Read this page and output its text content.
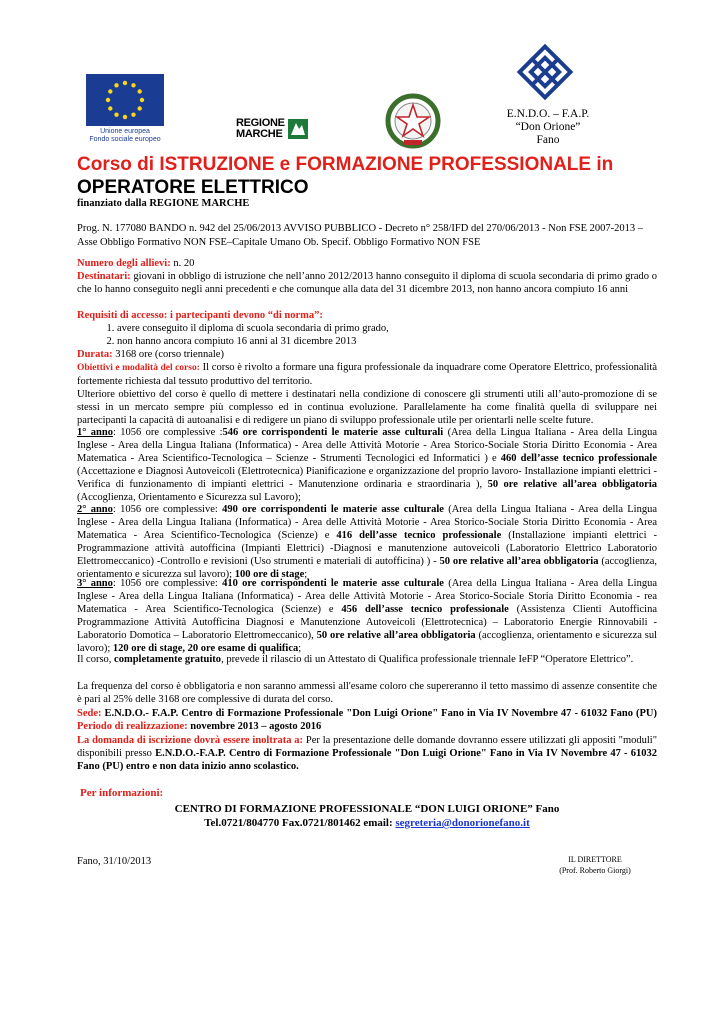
Unione europea
Fondo sociale europeo
REGIONE
MARCHE
E.N.D.O. – F.A.P.
“Don Orione”
Fano
Corso di ISTRUZIONE e FORMAZIONE PROFESSIONALE in
OPERATORE ELETTRICO
finanziato dalla REGIONE MARCHE
Prog. N. 177080 BANDO n. 942 del 25/06/2013 AVVISO PUBBLICO - Decreto n° 258/IFD del 270/06/2013 - Non FSE 2007-2013 – Asse Obbligo Formativo NON FSE–Capitale Umano Ob. Specif. Obbligo Formativo NON FSE
Numero degli allievi: n. 20
Destinatari: giovani in obbligo di istruzione che nell’anno 2012/2013 hanno conseguito il diploma di scuola secondaria di primo grado o che lo hanno conseguito negli anni precedenti e che comunque alla data del 31 dicembre 2013, non hanno ancora compiuto 16 anni
Requisiti di accesso: i partecipanti devono “di norma”:
1. avere conseguito il diploma di scuola secondaria di primo grado,
2. non hanno ancora compiuto 16 anni al 31 dicembre 2013
Durata: 3168 ore (corso triennale)
Obiettivi e modalità del corso: Il corso è rivolto a formare una figura professionale da inquadrare come Operatore Elettrico, professionalità fortemente richiesta dal tessuto produttivo del territorio.
Ulteriore obiettivo del corso è quello di mettere i destinatari nella condizione di conoscere gli strumenti utili all’auto-promozione di se stessi in un mercato sempre più complesso ed in continua evoluzione. Parallelamente ha come finalità quella di sviluppare nei partecipanti la capacità di autoanalisi e di redigere un piano di sviluppo professionale utile per orientarli nelle scelte future.
1° anno: 1056 ore complessive :546 ore corrispondenti le materie asse culturali (Area della Lingua Italiana - Area della Lingua Inglese - Area della Lingua Italiana (Informatica) - Area delle Attività Motorie - Area Storico-Sociale Storia Diritto Economia - Area Matematica - Area Scientifico-Tecnologica – Scienze - Strumenti Tecnologici ed Informatici ) e 460 dell’asse tecnico professionale (Accettazione e Diagnosi Autoveicoli (Elettrotecnica) Pianificazione e organizzazione del proprio lavoro- Installazione impianti elettrici - Verifica di funzionamento di impianti elettrici - Manutenzione ordinaria e straordinaria ), 50 ore relative all’area obbligatoria (Accoglienza, Orientamento e Sicurezza sul Lavoro);
2° anno: 1056 ore complessive: 490 ore corrispondenti le materie asse culturale (Area della Lingua Italiana - Area della Lingua Inglese - Area della Lingua Italiana (Informatica) - Area delle Attività Motorie - Area Storico-Sociale Storia Diritto Economia - Area Matematica - Area Scientifico-Tecnologica (Scienze) e 416 dell’asse tecnico professionale (Installazione impianti elettrici - Programmazione attività autofficina (Impianti Elettrici) -Diagnosi e manutenzione autoveicoli (Laboratorio Elettrico Laboratorio Elettromeccanico) -Controllo e revisioni (Uso strumenti e materiali di autofficina) ) - 50 ore relative all’area obbligatoria (accoglienza, orientamento e sicurezza sul lavoro); 100 ore di stage;
3° anno: 1056 ore complessive: 410 ore corrispondenti le materie asse culturale (Area della Lingua Italiana - Area della Lingua Inglese - Area della Lingua Italiana (Informatica) - Area delle Attività Motorie - Area Storico-Sociale Storia Diritto Economia - rea Matematica - Area Scientifico-Tecnologica (Scienze) e 456 dell’asse tecnico professionale (Assistenza Clienti Autofficina Programmazione Attività Autofficina Diagnosi e Manutenzione Autoveicoli (Elettrotecnica) – Laboratorio Energie Rinnovabili - Laboratorio Domotica – Laboratorio Elettromeccanico), 50 ore relative all’area obbligatoria (accoglienza, orientamento e sicurezza sul lavoro); 120 ore di stage, 20 ore esame di qualifica;
Il corso, completamente gratuito, prevede il rilascio di un Attestato di Qualifica professionale triennale IeFP “Operatore Elettrico”.
La frequenza del corso è obbligatoria e non saranno ammessi all'esame coloro che supereranno il tetto massimo di assenze consentite che è pari al 25% delle 3168 ore complessive di durata del corso.
Sede: E.N.D.O.- F.A.P. Centro di Formazione Professionale "Don Luigi Orione" Fano in Via IV Novembre 47 - 61032 Fano (PU) Periodo di realizzazione: novembre 2013 – agosto 2016
La domanda di iscrizione dovrà essere inoltrata a: Per la presentazione delle domande dovranno essere utilizzati gli appositi "moduli" disponibili presso E.N.D.O.-F.A.P. Centro di Formazione Professionale "Don Luigi Orione" Fano in Via IV Novembre 47 - 61032 Fano (PU) entro e non data inizio anno scolastico.
Per informazioni:
CENTRO DI FORMAZIONE PROFESSIONALE “DON LUIGI ORIONE” Fano
Tel.0721/804770 Fax.0721/801462 email: segreteria@donorionefano.it
Fano, 31/10/2013	IL DIRETTORE
(Prof. Roberto Giorgi)
